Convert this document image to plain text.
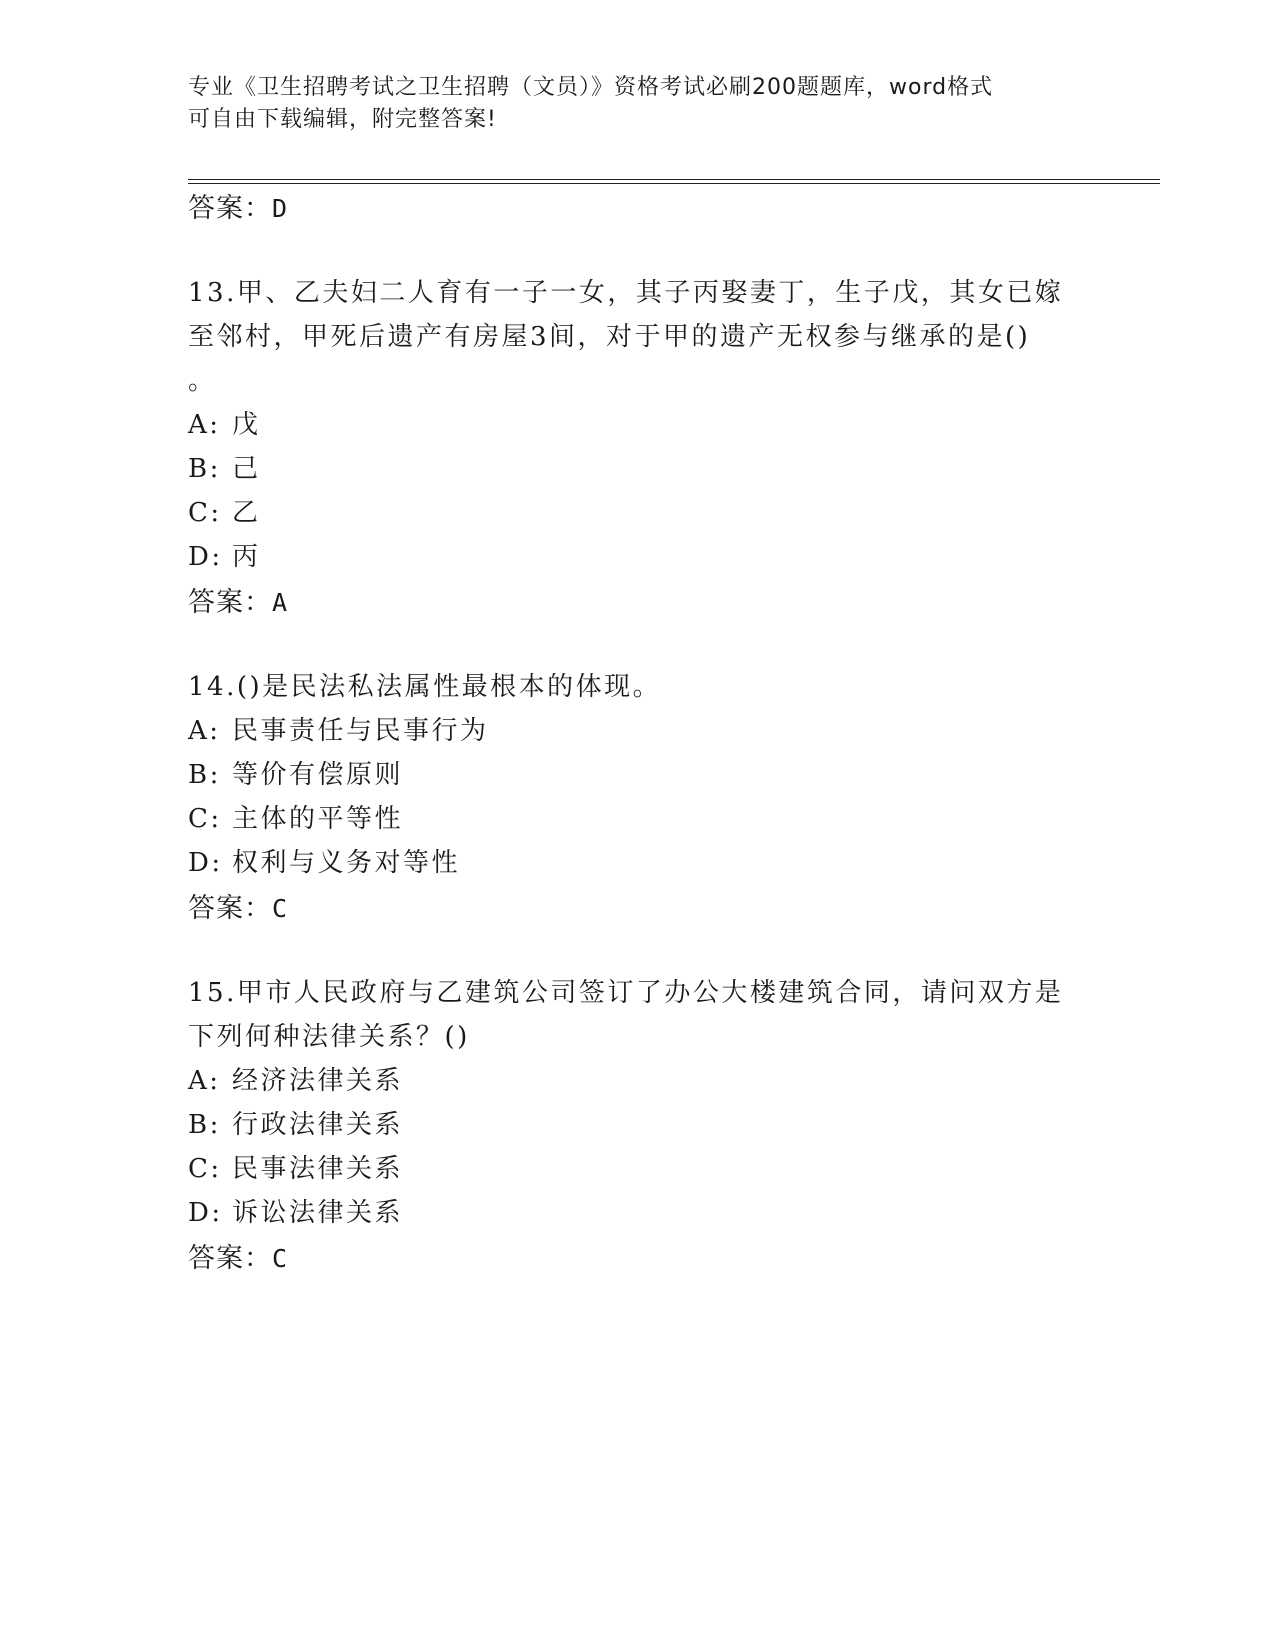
专业《卫生招聘考试之卫生招聘（文员）》资格考试必刷200题题库，word格式
可自由下载编辑，附完整答案!
答案：D
13.甲、乙夫妇二人育有一子一女，其子丙娶妻丁，生子戊，其女已嫁
至邻村，甲死后遗产有房屋3间，对于甲的遗产无权参与继承的是()
。
A: 戊
B: 己
C: 乙
D: 丙
答案：A
14.()是民法私法属性最根本的体现。
A: 民事责任与民事行为
B: 等价有偿原则
C: 主体的平等性
D: 权利与义务对等性
答案：C
15.甲市人民政府与乙建筑公司签订了办公大楼建筑合同，请问双方是
下列何种法律关系？()
A: 经济法律关系
B: 行政法律关系
C: 民事法律关系
D: 诉讼法律关系
答案：C
